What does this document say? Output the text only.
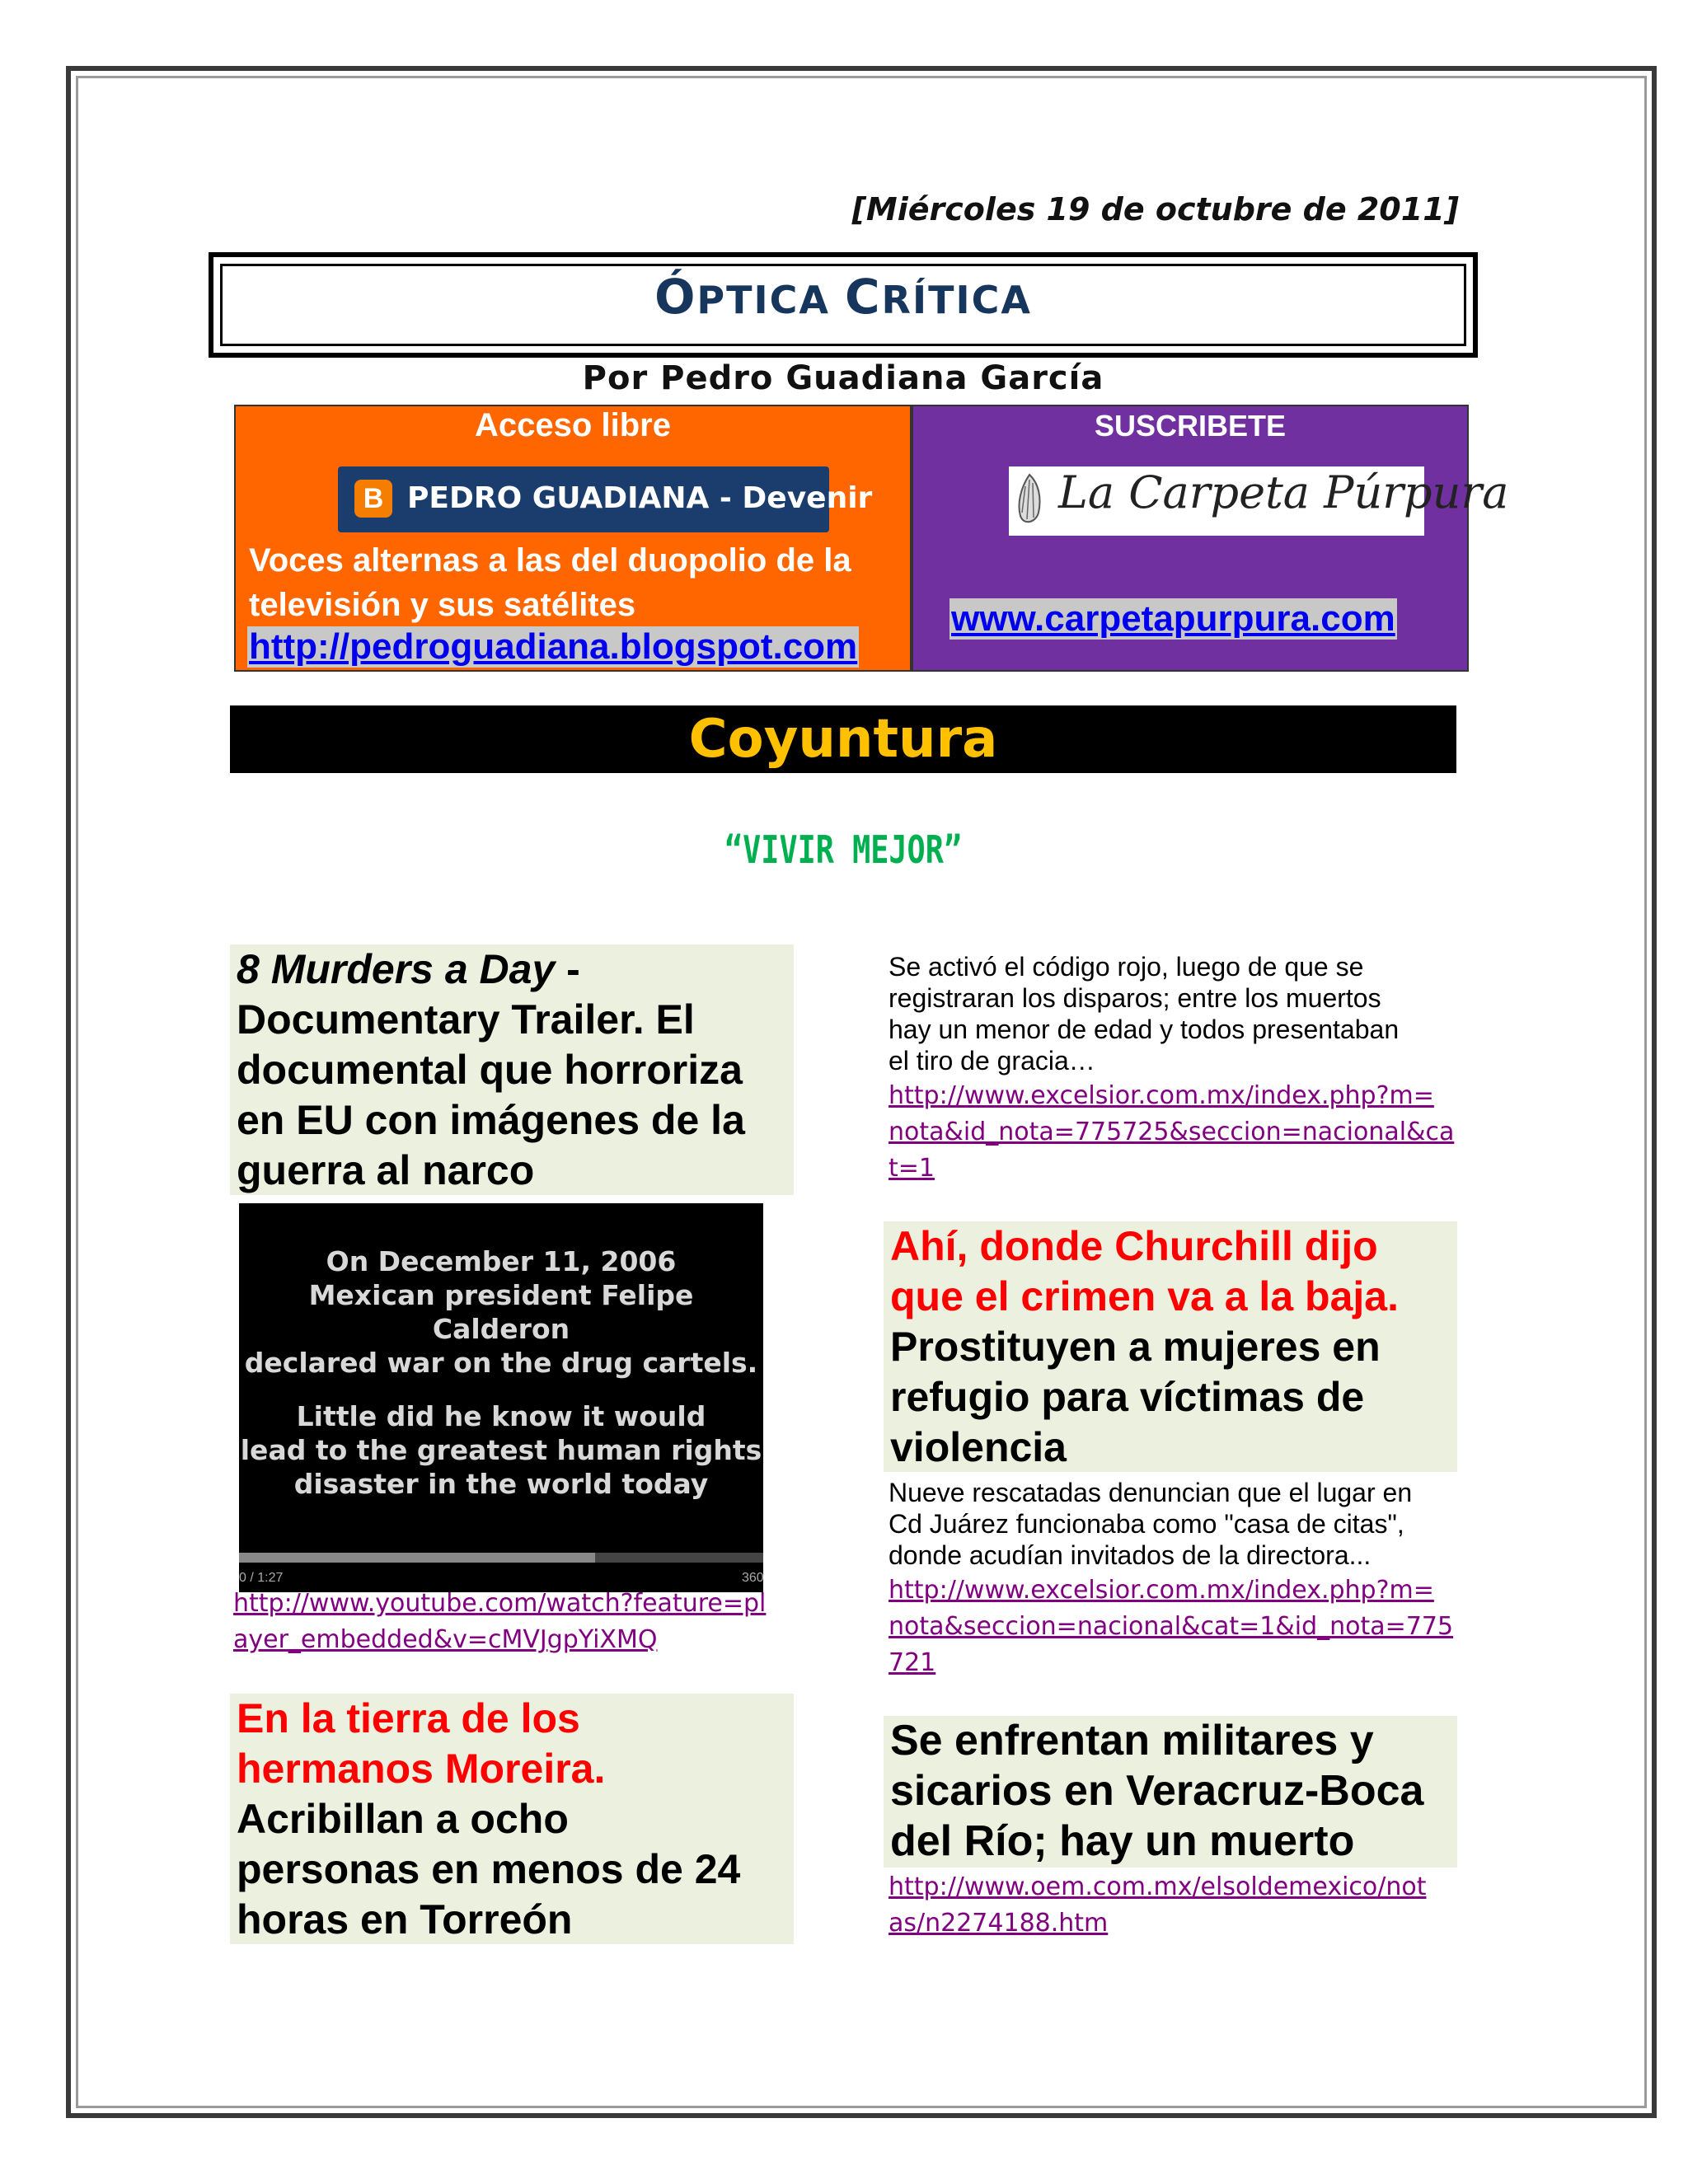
[Miércoles 19 de octubre de 2011]
ÓPTICA CRÍTICA
Por Pedro Guadiana García
Acceso libre
B PEDRO GUADIANA - Devenir
Voces alternas a las del duopolio de la
televisión y sus satélites
http://pedroguadiana.blogspot.com
SUSCRIBETE
La Carpeta Púrpura
www.carpetapurpura.com
Coyuntura
“VIVIR MEJOR”
8 Murders a Day -
Documentary Trailer. El
documental que horroriza
en EU con imágenes de la
guerra al narco
On December 11, 2006
Mexican president Felipe Calderon
declared war on the drug cartels.
Little did he know it would
lead to the greatest human rights
disaster in the world today
0 / 1:27	360
http://www.youtube.com/watch?feature=pl
ayer_embedded&v=cMVJgpYiXMQ
En la tierra de los
hermanos Moreira.
Acribillan a ocho
personas en menos de 24
horas en Torreón
Se activó el código rojo, luego de que se
registraran los disparos; entre los muertos
hay un menor de edad y todos presentaban
el tiro de gracia…
http://www.excelsior.com.mx/index.php?m=
nota&id_nota=775725&seccion=nacional&ca
t=1
Ahí, donde Churchill dijo
que el crimen va a la baja.
Prostituyen a mujeres en
refugio para víctimas de
violencia
Nueve rescatadas denuncian que el lugar en
Cd Juárez funcionaba como "casa de citas",
donde acudían invitados de la directora...
http://www.excelsior.com.mx/index.php?m=
nota&seccion=nacional&cat=1&id_nota=775
721
Se enfrentan militares y
sicarios en Veracruz-Boca
del Río; hay un muerto
http://www.oem.com.mx/elsoldemexico/not
as/n2274188.htm
